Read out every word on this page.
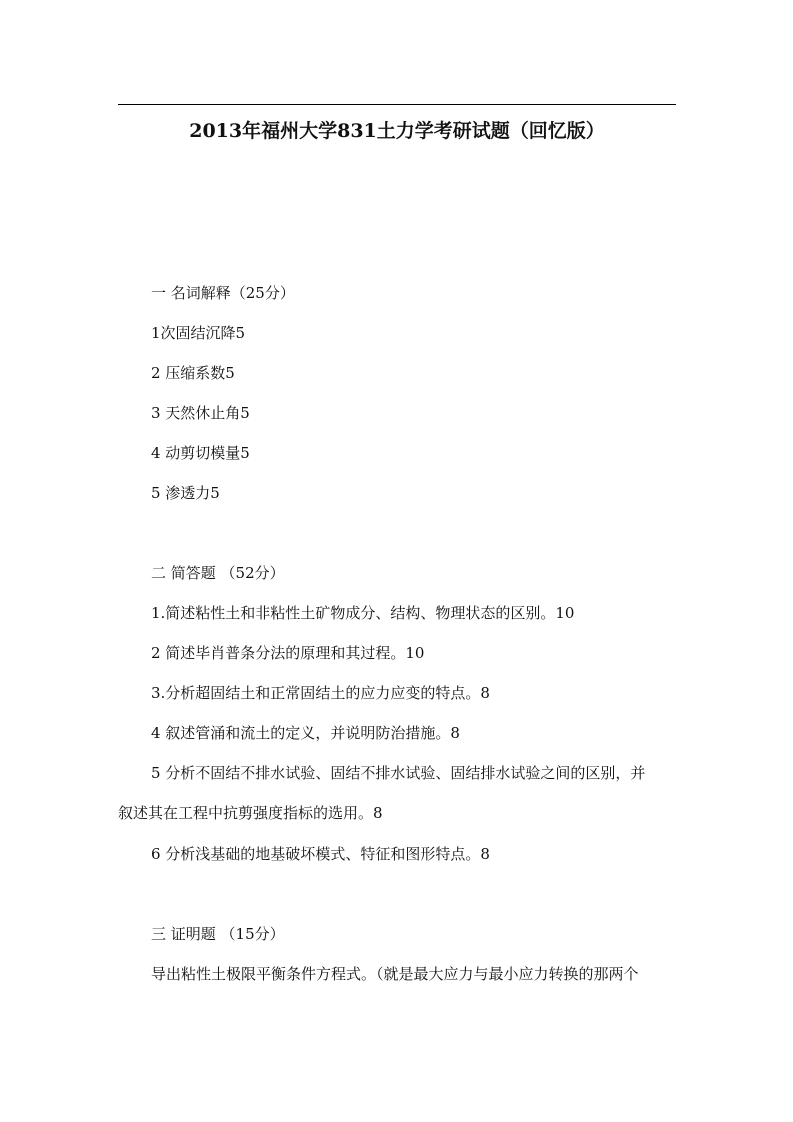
2013年福州大学831土力学考研试题（回忆版）
一 名词解释（25分）
1次固结沉降5
2 压缩系数5
3 天然休止角5
4 动剪切模量5
5 渗透力5
二 简答题 （52分）
1.简述粘性土和非粘性土矿物成分、结构、物理状态的区别。10
2 简述毕肖普条分法的原理和其过程。10
3.分析超固结土和正常固结土的应力应变的特点。8
4 叙述管涌和流土的定义，并说明防治措施。8
5 分析不固结不排水试验、固结不排水试验、固结排水试验之间的区别，并
叙述其在工程中抗剪强度指标的选用。8
6 分析浅基础的地基破坏模式、特征和图形特点。8
三 证明题 （15分）
导出粘性土极限平衡条件方程式。（就是最大应力与最小应力转换的那两个
